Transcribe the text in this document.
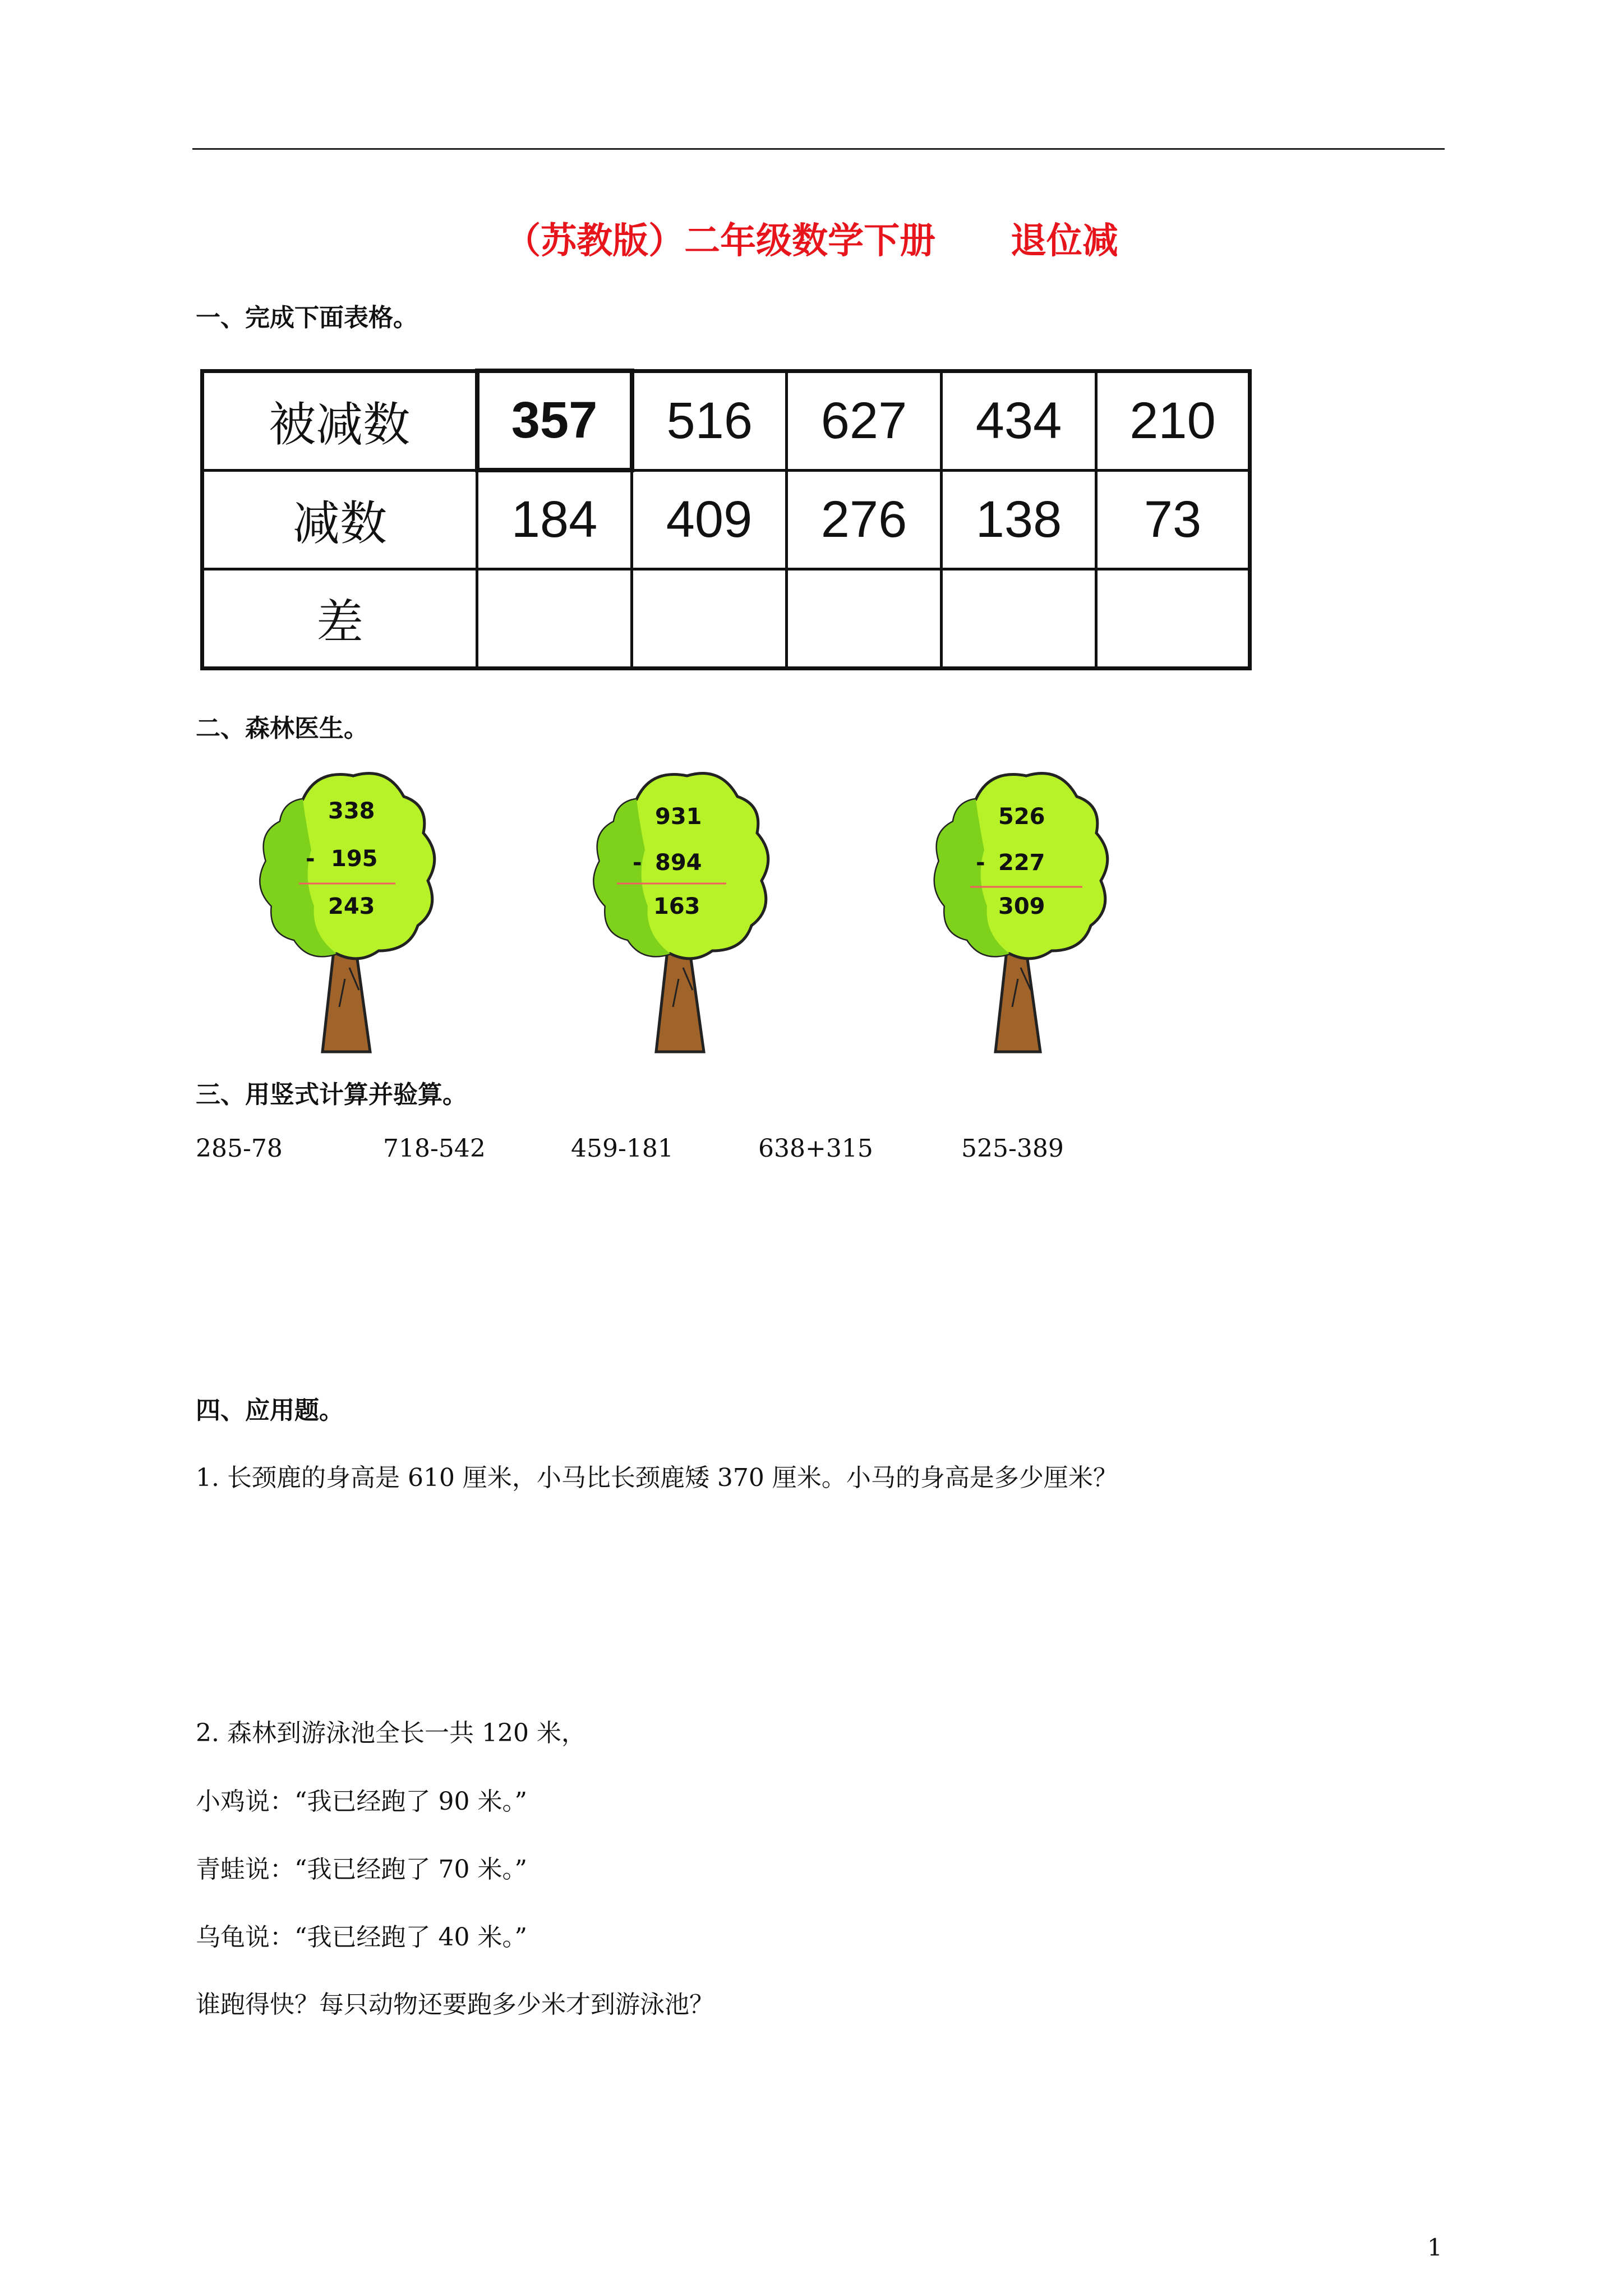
（苏教版）二年级数学下册      退位减
一、完成下面表格。
被减数	357	516	627	434	210
减数	184	409	276	138	73
差					
二、森林医生。
338
- 195
243
931
- 894
163
526
- 227
309
三、用竖式计算并验算。
285-78	718-542	459-181	638+315	525-389
四、应用题。
1. 长颈鹿的身高是 610 厘米，小马比长颈鹿矮 370 厘米。小马的身高是多少厘米？
2. 森林到游泳池全长一共 120 米，
小鸡说：“我已经跑了 90 米。”
青蛙说：“我已经跑了 70 米。”
乌龟说：“我已经跑了 40 米。”
谁跑得快？每只动物还要跑多少米才到游泳池？
1
